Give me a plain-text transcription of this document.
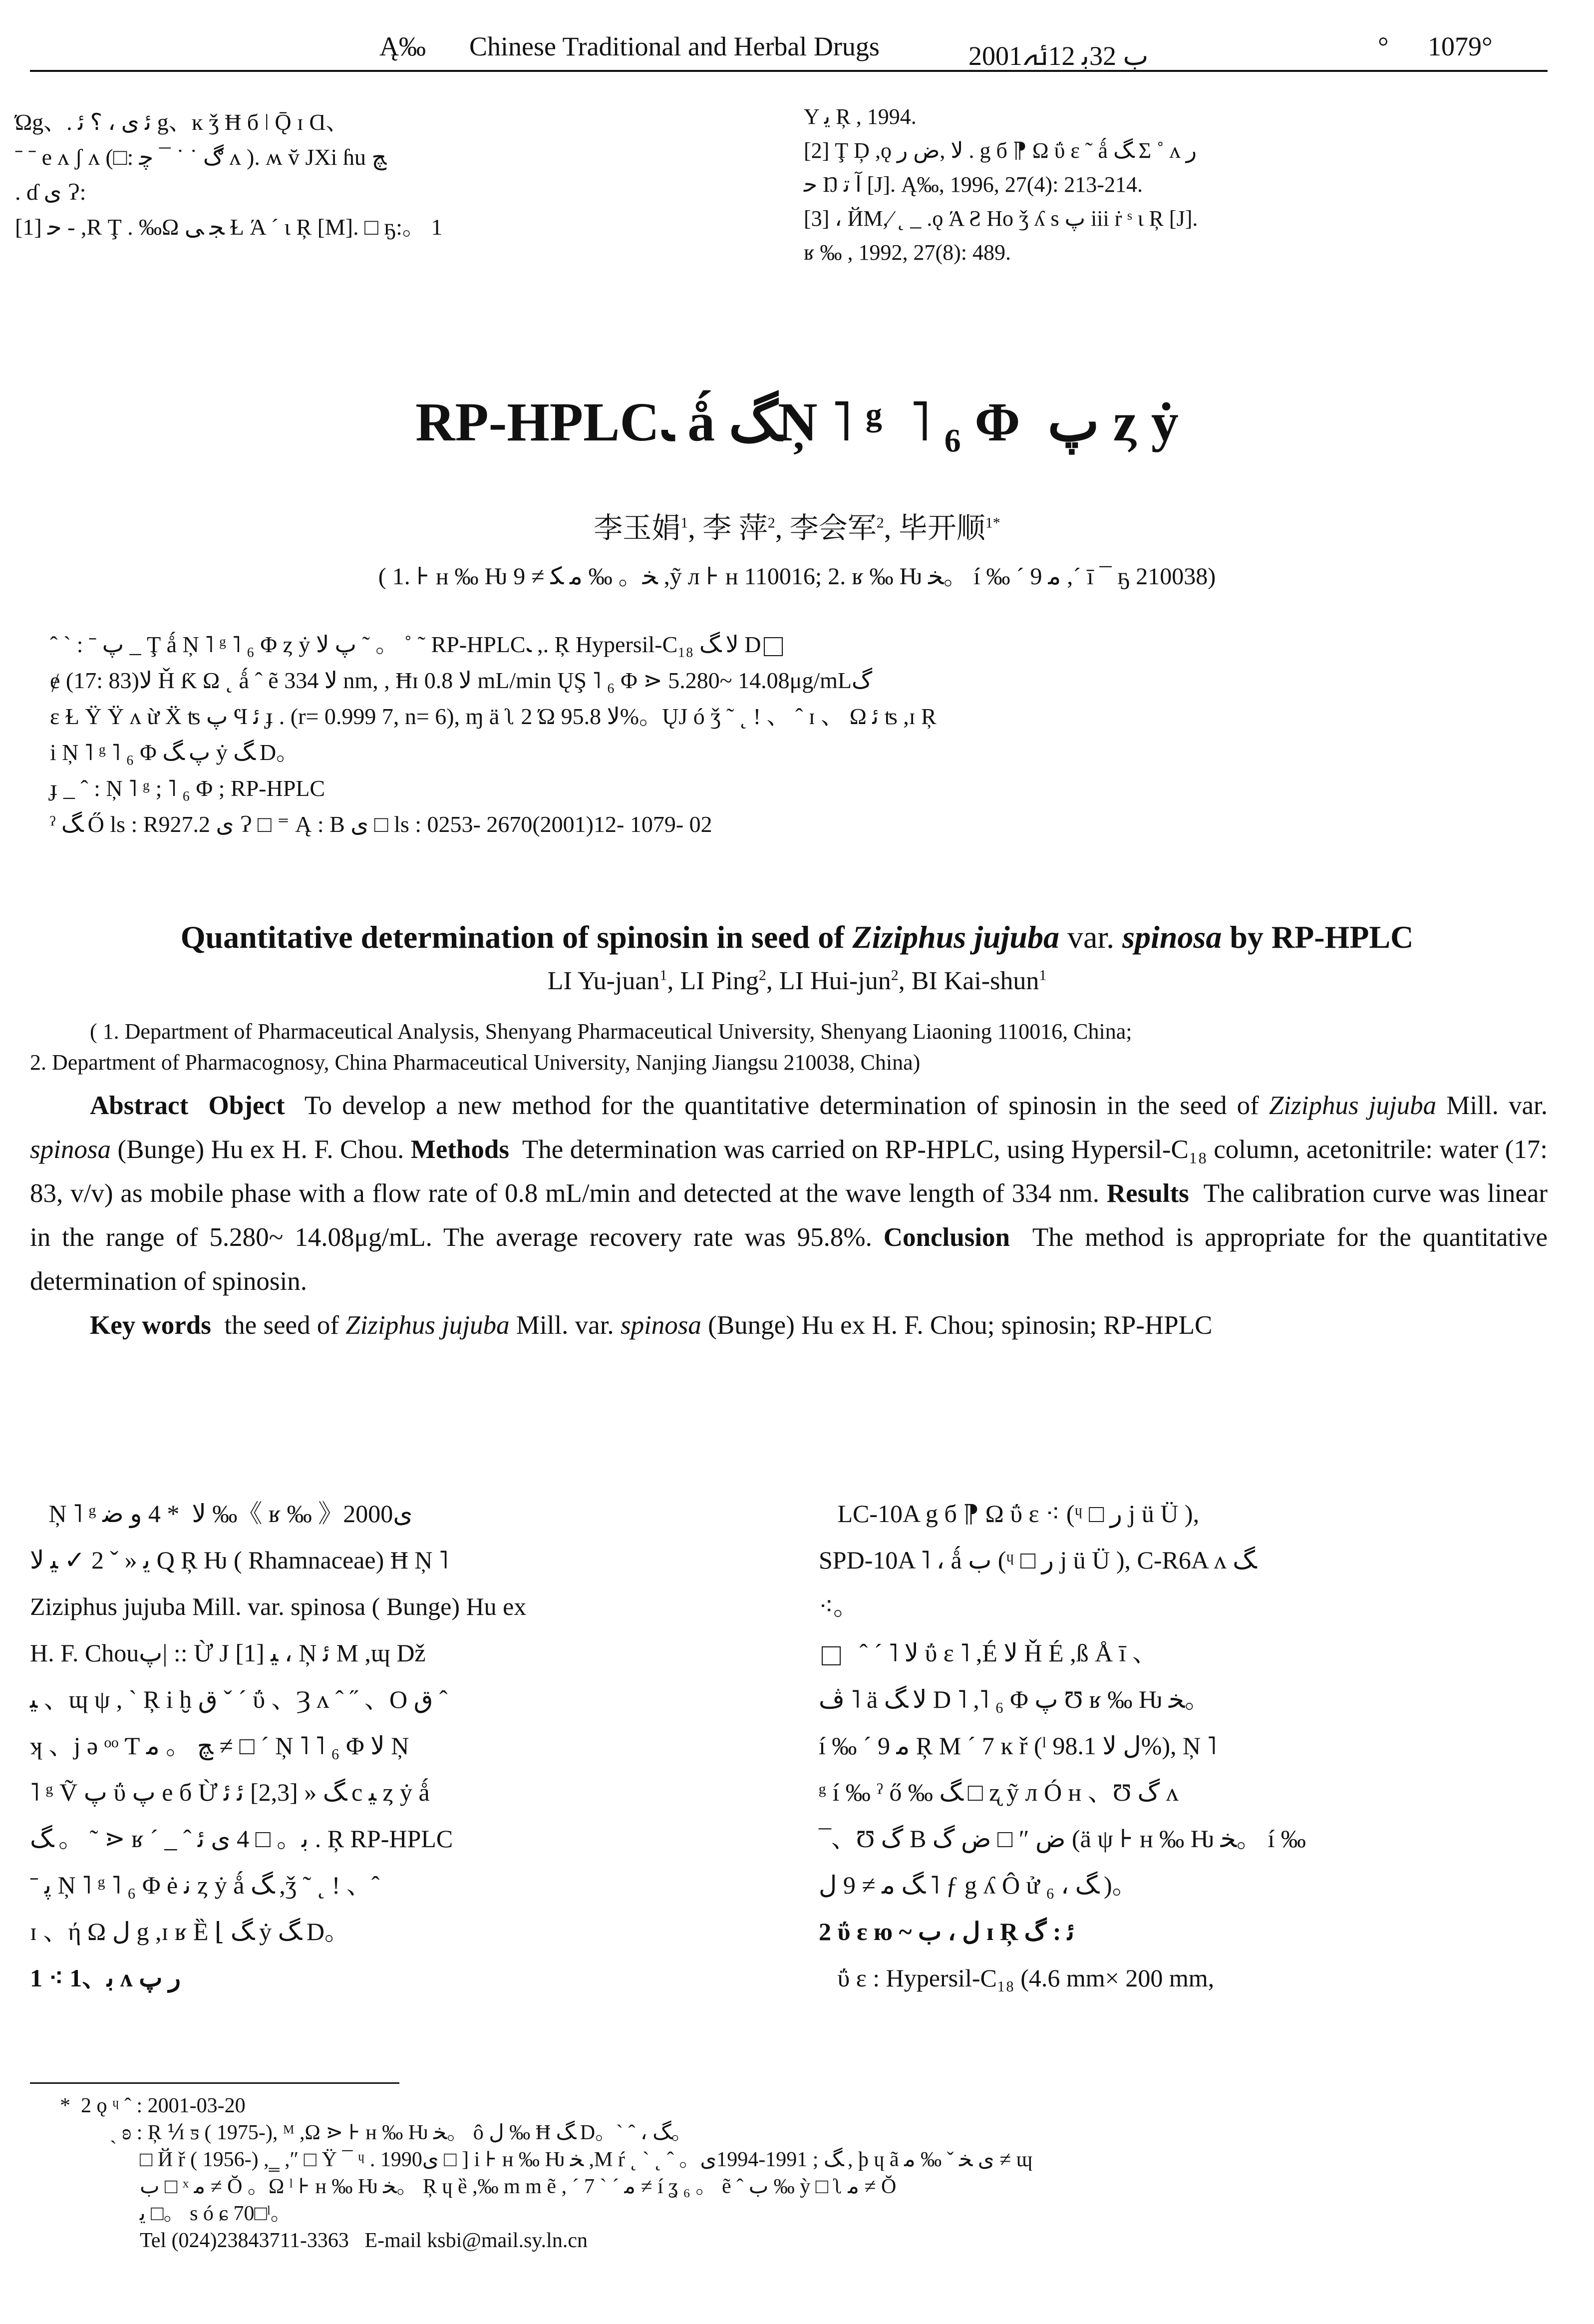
Ą‰ Chinese Traditional and Herbal Drugs	2001ب 32ﺑ 12ﯬ	° 1079°
Ώg、. ﺋ ﯼ ، ؟ ﺋ g、ĸ ǯ Ħ б ǀ Ǭ ɪ Ɑ、
ˉ ˉ e ʌ ʃ ʌ (□: ڰ ˙ ˙ ¯ ﭼ ʌ ). ʍ v̆ JXi ɦu ﭻ
. ɗ ی Ɂ:
[1] ﺣ - ,R Ţ . ‰Ω ﺠ ﯽ Ɫ Ά ˊ ι Ŗ [M]. □ ҕ:。 1
Y ﯾ Ŗ , 1994.
[2] Ţ Ḑ ,ǫ ﻻ ,ﺽ ﺭ . g б ⁋ Ω ΰ ɛ ˜ ǻ ﮓ Σ ˚ ʌ ﺭ
ﺣ Ŋ ﺁ ﺗ [J]. Ą‰, 1996, 27(4): 213-214.
[3] ، ЙM,⁄ ˛ _ .ǫ Ά Ƨ Ho ǯ ʎ s ﭖ iii ṙ ˢ ι Ŗ [J].
ʁ ‰ , 1992, 27(8): 489.
RP-HPLCﹳ ǻ ﮓŅ ˥ ᵍ  ˥ ₆ Φ  ﭖ ȥ ẏ
李玉娟$^1$, 李 萍$^2$, 李会军$^2$, 毕开顺$^{1*}$
( 1. ⊦ ʜ ‰ Ƕ ﺨ。 ‰ ﻣ ﮑ ≠ 9 ,ỹ л ⊦ ʜ 110016; 2. ʁ ‰ Ƕ ﺨ。 í ‰ ˊ ﻣ 9 ,ˊ ī ¯ ҕ 210038)
ˆ ˋ : ˉ ﭖ _ Ţ ǻ Ņ ˥ ᵍ ˥ ₆ Φ ȥ ẏ ﭖ ﻻ ˜ 。 ˚ ˜ RP-HPLCﹳ ,. Ŗ Hypersil-C₁₈ ﻻ ﮓ D
ɇ (17: 83)ﻻ Ȟ Ƙ Ω ˛ ǻ ˆ ẽ ﻻ 334 nm, , Ħɪ ﻻ 0.8 mL/min ŲŞ ˥ ₆ Φ ⋗ 5.280~ 14.08μg/mLﮒ
ɛ Ɫ Ÿ Ÿ ʌ ừ Ẍ ʦ ﭖ Ϥ ﺋ ɟ . (r= 0.999 7, n= 6), ɱ ä ʅ 2 Ώ ﻻ 95.8%。ŲJ ó ǯ ˜ ˛ ! 、 ˆ ɪ 、 Ω ﺋ ʦ ,ɪ Ŗ
i Ņ ˥ ᵍ ˥ ₆ Φ ﭖ ﮓ ẏ ﮓ D。
ɟ _ ˆ : Ņ ˥ ᵍ ; ˥ ₆ Φ ; RP-HPLC
ˀ ﮓ Ő ls : R927.2 ی Ɂ □ ⁼ Ą : B ی □ ls : 0253- 2670(2001)12- 1079- 02
Quantitative determination of spinosin in seed of Ziziphus jujuba var. spinosa by RP-HPLC
LI Yu-juan$^1$, LI Ping$^2$, LI Hui-jun$^2$, BI Kai-shun$^1$
( 1. Department of Pharmaceutical Analysis, Shenyang Pharmaceutical University, Shenyang Liaoning 110016, China;
2. Department of Pharmacognosy, China Pharmaceutical University, Nanjing Jiangsu 210038, China)

Abstract Object To develop a new method for the quantitative determination of spinosin in the seed of Ziziphus jujuba Mill. var. spinosa (Bunge) Hu ex H. F. Chou. Methods The determination was carried on RP-HPLC, using Hypersil-C₁₈ column, acetonitrile: water (17: 83, v/v) as mobile phase with a flow rate of 0.8 mL/min and detected at the wave length of 334 nm. Results The calibration curve was linear in the range of 5.280~ 14.08μg/mL. The average recovery rate was 95.8%. Conclusion The method is appropriate for the quantitative determination of spinosin.

Key words the seed of Ziziphus jujuba Mill. var. spinosa (Bunge) Hu ex H. F. Chou; spinosin; RP-HPLC

Ņ ˥ ᵍ ﻻ  * 4 ﻭ ﺿ ‰《 ʁ ‰ 》2000ﻯ
ﯾ « ˇ 2 ✓ ﯿ ﻻ Q Ŗ Ƕ ( Rhamnaceae) Ħ Ņ ˥
Ziziphus jujuba Mill. var. spinosa ( Bunge) Hu ex
H. F. Chouﭖ| :: Ừ J [1] ﯿ ، Ņ ﺋ M ,ɰ Dž
ﯿ 、ɰ ψ , ˋ Ŗ i ḫ ﻕ ˇ ˊ ΰ 、Ȝ ʌ ˆ ˝ 、O ﻕ ˆ
ʞ 、j ǝ ᵒᵒ Ƭ ﭻ 。 ﻣ ≠ □ ˊ Ņ ˥ ˥ ₆ Φ ﻻ Ņ
˥ ᵍ Ṽ ﭖ ΰ ﭖ e б Ừ ﮓ « [2,3] ﺋ ﺋ c ﯿ ȥ ẏ ǻ
ﮓ 。 ˜ ⋗ ʁ ˊ _ ˆ ﺑ。 □ 4 ی ﺋ . Ŗ RP-HPLC
ˉ ﭘ Ņ ˥ ᵍ ˥ ₆ Φ ė ﻧ ȥ ẏ ǻ ﮓ ,ǯ ˜ ˛ ! 、ˆ
ɪ 、ή Ω ﻝ g ,ɪ ʁ Ȅ ⌊ ﮓ ẏ ﮓ D。
1 ⁖ ﺑ、1 ʌ ﺭ ﭖ
LC-10A g б ⁋ Ω ΰ ɛ ⁖ (ᶣ □ ﺭ j ü Ü ),
SPD-10A ˥ ، ǻ ﺏ (ᶣ □ ﺭ j ü Ü ), C-R6A ʌ ﮓ
⁖。
ˆ ˊ ˥ ﻻ ΰ ɛ ˥ ,É ﻻ Ȟ É ,ß Å ī 、
ﭪ ˥ ä ﻻ ﮓ D ˥ ,˥ ₆ Φ ﭖ Ʊ ʁ ‰ Ƕ ﺨ。
í ‰ ˊ ﻣ 9 Ŗ M ˊ 7 ĸ ř (ˡ ﻝ ﻻ 98.1%), Ņ ˥
ᵍ í ‰ ˀ ő ‰ ﮓ □ ʐ ỹ л Ó ʜ 、Ʊ ﮒ ʌ
¯、Ʊ ﮒ B ﺽ ″ □ ﺽ ﮒ (ä ψ ⊦ ʜ ‰ Ƕ ﺨ。 í ‰
ﮓ ﻣ ≠ 9 ﻝ ˥ ƒ g ʎ Ô ử ₆ ، ﮓ )。
2 ΰ ɛ ю ~ ﻝ ، ﺏ ɪ Ŗ ﺋ : ﮒ
ΰ ɛ : Hypersil-C₁₈ (4.6 mm× 200 mm,
* 2 ǫ ᶣ ˆ : 2001-03-20
ˎ ʚ : Ŗ ⅟ɪ ƽ ( 1975-), ᴹ ,Ω ⋗ ⊦ ʜ ‰ Ƕ ﺨ。 ô ﻝ ‰ Ħ ﮓ D。ˋ ˆ ، ﮓ。
□ Й ř ( 1956-) ,‗ ,″ □ Ÿ ¯ ᶣ . 1990ﻯ □ ] i ⊦ ʜ ‰ Ƕ ﺨ ,M ŕ ˛ ˋ ˛ ˆ 。ﮓ ; 1991-1994ﻯ , þ ɥ ã ی ﺨ ˇ ‰ ﻣ ≠ ɰ
ﺏ □ ˣ ﻣ ≠ Ŏ 。Ω ˡ ⊦ ʜ ‰ Ƕ ﺨ。 Ŗ ɥ ȅ ,‰ m m ẽ , ˊ 7 ˋ ˊ ﻣ ≠ í ʓ ₆ 。 ẽ ˆ ﺏ ‰ ỳ □ ʅ ﻣ ≠ Ŏ
ﯾ □。 s ó ɕ 70□ˡ。
Tel (024)23843711-3363   E-mail ksbi@mail.sy.ln.cn
